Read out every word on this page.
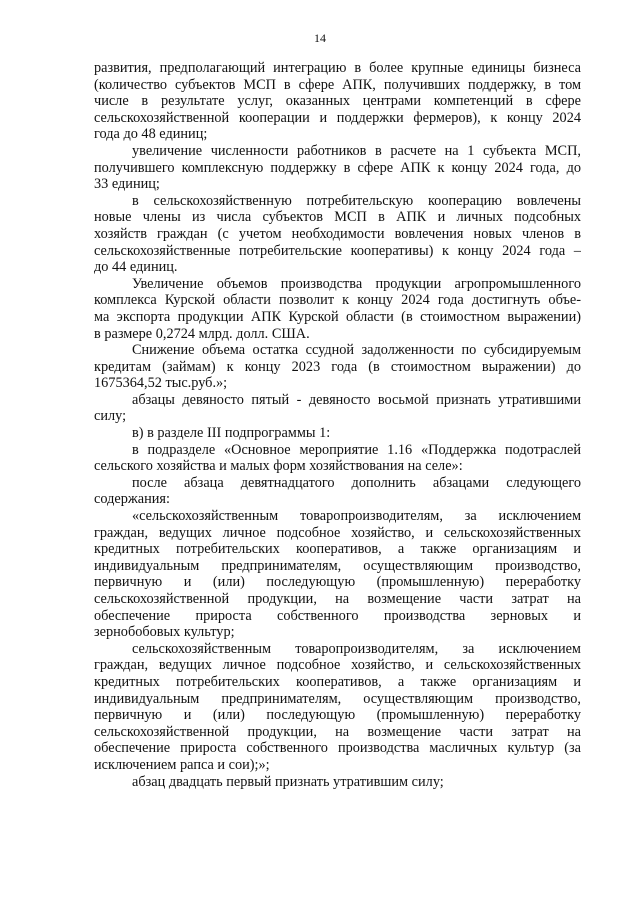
14
развития, предполагающий интеграцию в более крупные единицы бизнеса
(количество субъектов МСП в сфере АПК, получивших поддержку, в том
числе в результате услуг, оказанных центрами компетенций в сфере
сельскохозяйственной кооперации и поддержки фермеров), к концу 2024
года до 48 единиц;
увеличение численности работников в расчете на 1 субъекта МСП,
получившего комплексную поддержку в сфере АПК к концу 2024 года, до
33 единиц;
в сельскохозяйственную потребительскую кооперацию вовлечены
новые члены из числа субъектов МСП в АПК и личных подсобных
хозяйств граждан (с учетом необходимости вовлечения новых членов в
сельскохозяйственные потребительские кооперативы) к концу 2024 года –
до 44 единиц.
Увеличение объемов производства продукции агропромышленного
комплекса Курской области позволит к концу 2024 года достигнуть объе-
ма экспорта продукции АПК Курской области (в стоимостном выражении)
в размере 0,2724 млрд. долл. США.
Снижение объема остатка ссудной задолженности по субсидируемым
кредитам (займам) к концу 2023 года (в стоимостном выражении) до
1675364,52 тыс.руб.»;
абзацы девяносто пятый - девяносто восьмой признать утратившими
силу;
в) в разделе III подпрограммы 1:
в подразделе «Основное мероприятие 1.16 «Поддержка подотраслей
сельского хозяйства и малых форм хозяйствования на селе»:
после абзаца девятнадцатого дополнить абзацами следующего
содержания:
«сельскохозяйственным товаропроизводителям, за исключением
граждан, ведущих личное подсобное хозяйство, и сельскохозяйственных
кредитных потребительских кооперативов, а также организациям и
индивидуальным предпринимателям, осуществляющим производство,
первичную и (или) последующую (промышленную) переработку
сельскохозяйственной продукции, на возмещение части затрат на
обеспечение прироста собственного производства зерновых и
зернобобовых культур;
сельскохозяйственным товаропроизводителям, за исключением
граждан, ведущих личное подсобное хозяйство, и сельскохозяйственных
кредитных потребительских кооперативов, а также организациям и
индивидуальным предпринимателям, осуществляющим производство,
первичную и (или) последующую (промышленную) переработку
сельскохозяйственной продукции, на возмещение части затрат на
обеспечение прироста собственного производства масличных культур (за
исключением рапса и сои);»;
абзац двадцать первый признать утратившим силу;
